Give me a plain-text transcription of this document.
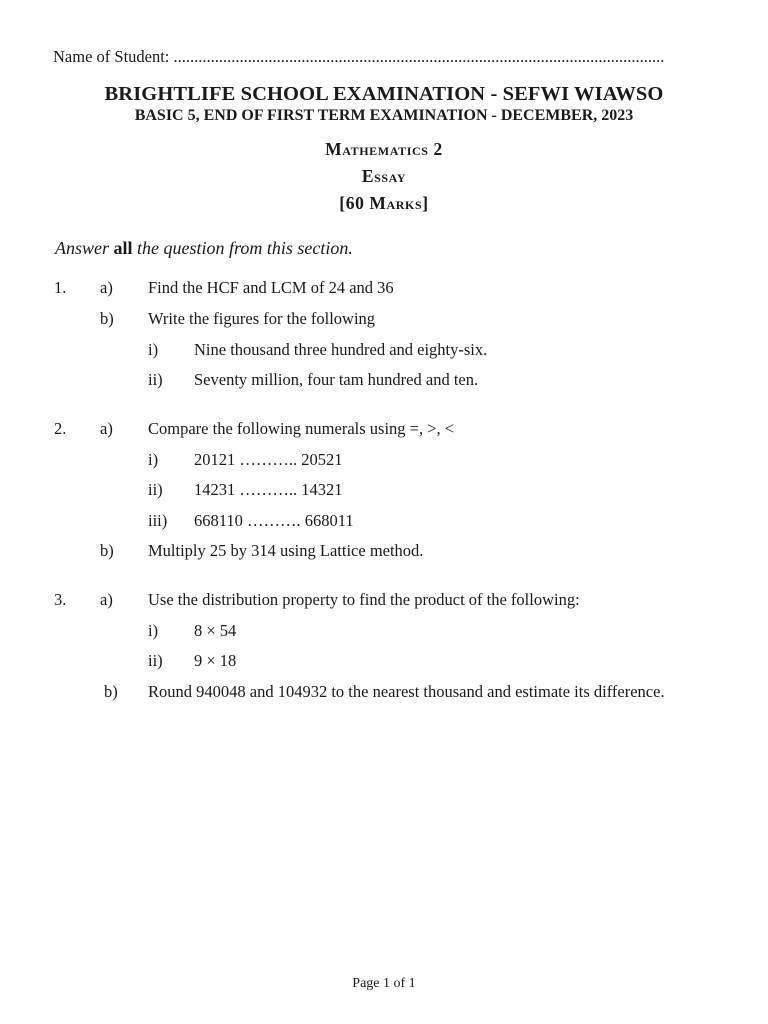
Name of Student: .......................................................................................................................
BRIGHTLIFE SCHOOL EXAMINATION - SEFWI WIAWSO
BASIC 5, END OF FIRST TERM EXAMINATION - DECEMBER, 2023
Mathematics 2
Essay
[60 Marks]
Answer all the question from this section.
1. a) Find the HCF and LCM of 24 and 36
b) Write the figures for the following
i) Nine thousand three hundred and eighty-six.
ii) Seventy million, four tam hundred and ten.
2. a) Compare the following numerals using =, >, <
i) 20121 ……….. 20521
ii) 14231 ……….. 14321
iii) 668110 ………. 668011
b) Multiply 25 by 314 using Lattice method.
3. a) Use the distribution property to find the product of the following:
i) 8 × 54
ii) 9 × 18
b) Round 940048 and 104932 to the nearest thousand and estimate its difference.
Page 1 of 1
